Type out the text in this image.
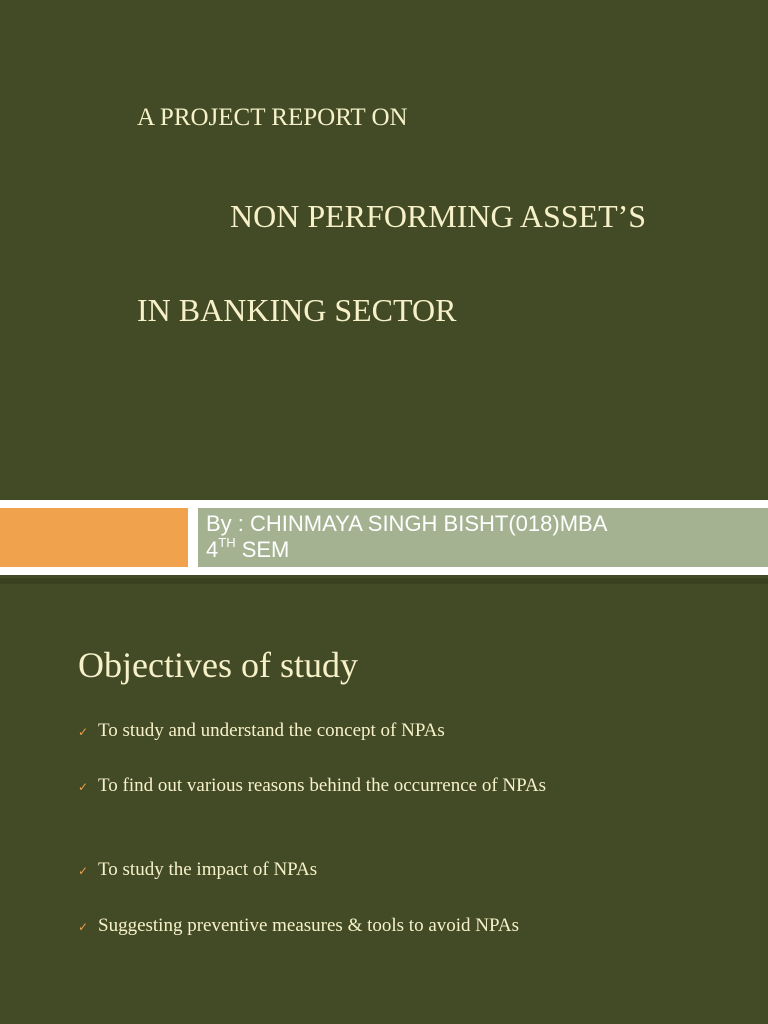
A PROJECT REPORT ON
NON PERFORMING ASSET’S
IN BANKING SECTOR
By : CHINMAYA SINGH BISHT(018)MBA
4TH SEM
Objectives of study
✓ To study and understand the concept of NPAs
✓ To find out various reasons behind the occurrence of NPAs
✓ To study the impact of NPAs
✓ Suggesting preventive measures & tools to avoid NPAs
